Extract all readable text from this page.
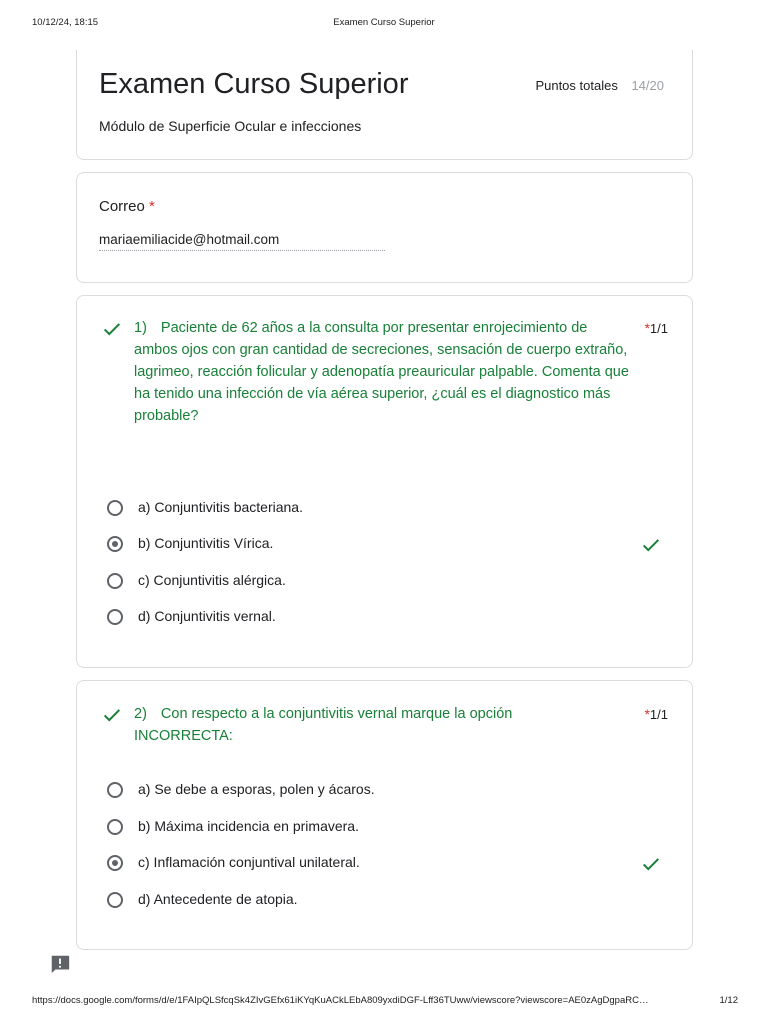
10/12/24, 18:15	Examen Curso Superior
Examen Curso Superior	Puntos totales 14/20
Módulo de Superficie Ocular e infecciones
Correo *
mariaemiliacide@hotmail.com
1) Paciente de 62 años a la consulta por presentar enrojecimiento de ambos ojos con gran cantidad de secreciones, sensación de cuerpo extraño, lagrimeo, reacción folicular y adenopatía preauricular palpable. Comenta que ha tenido una infección de vía aérea superior, ¿cuál es el diagnostico más probable?
*1/1
a) Conjuntivitis bacteriana.
b) Conjuntivitis Vírica.
c) Conjuntivitis alérgica.
d) Conjuntivitis vernal.
2) Con respecto a la conjuntivitis vernal marque la opción INCORRECTA:
*1/1
a) Se debe a esporas, polen y ácaros.
b) Máxima incidencia en primavera.
c) Inflamación conjuntival unilateral.
d) Antecedente de atopia.
https://docs.google.com/forms/d/e/1FAIpQLSfcqSk4ZIvGEfx61iKYqKuACkLEbA809yxdiDGF-Lff36TUww/viewscore?viewscore=AE0zAgDgpaRC…	1/12
